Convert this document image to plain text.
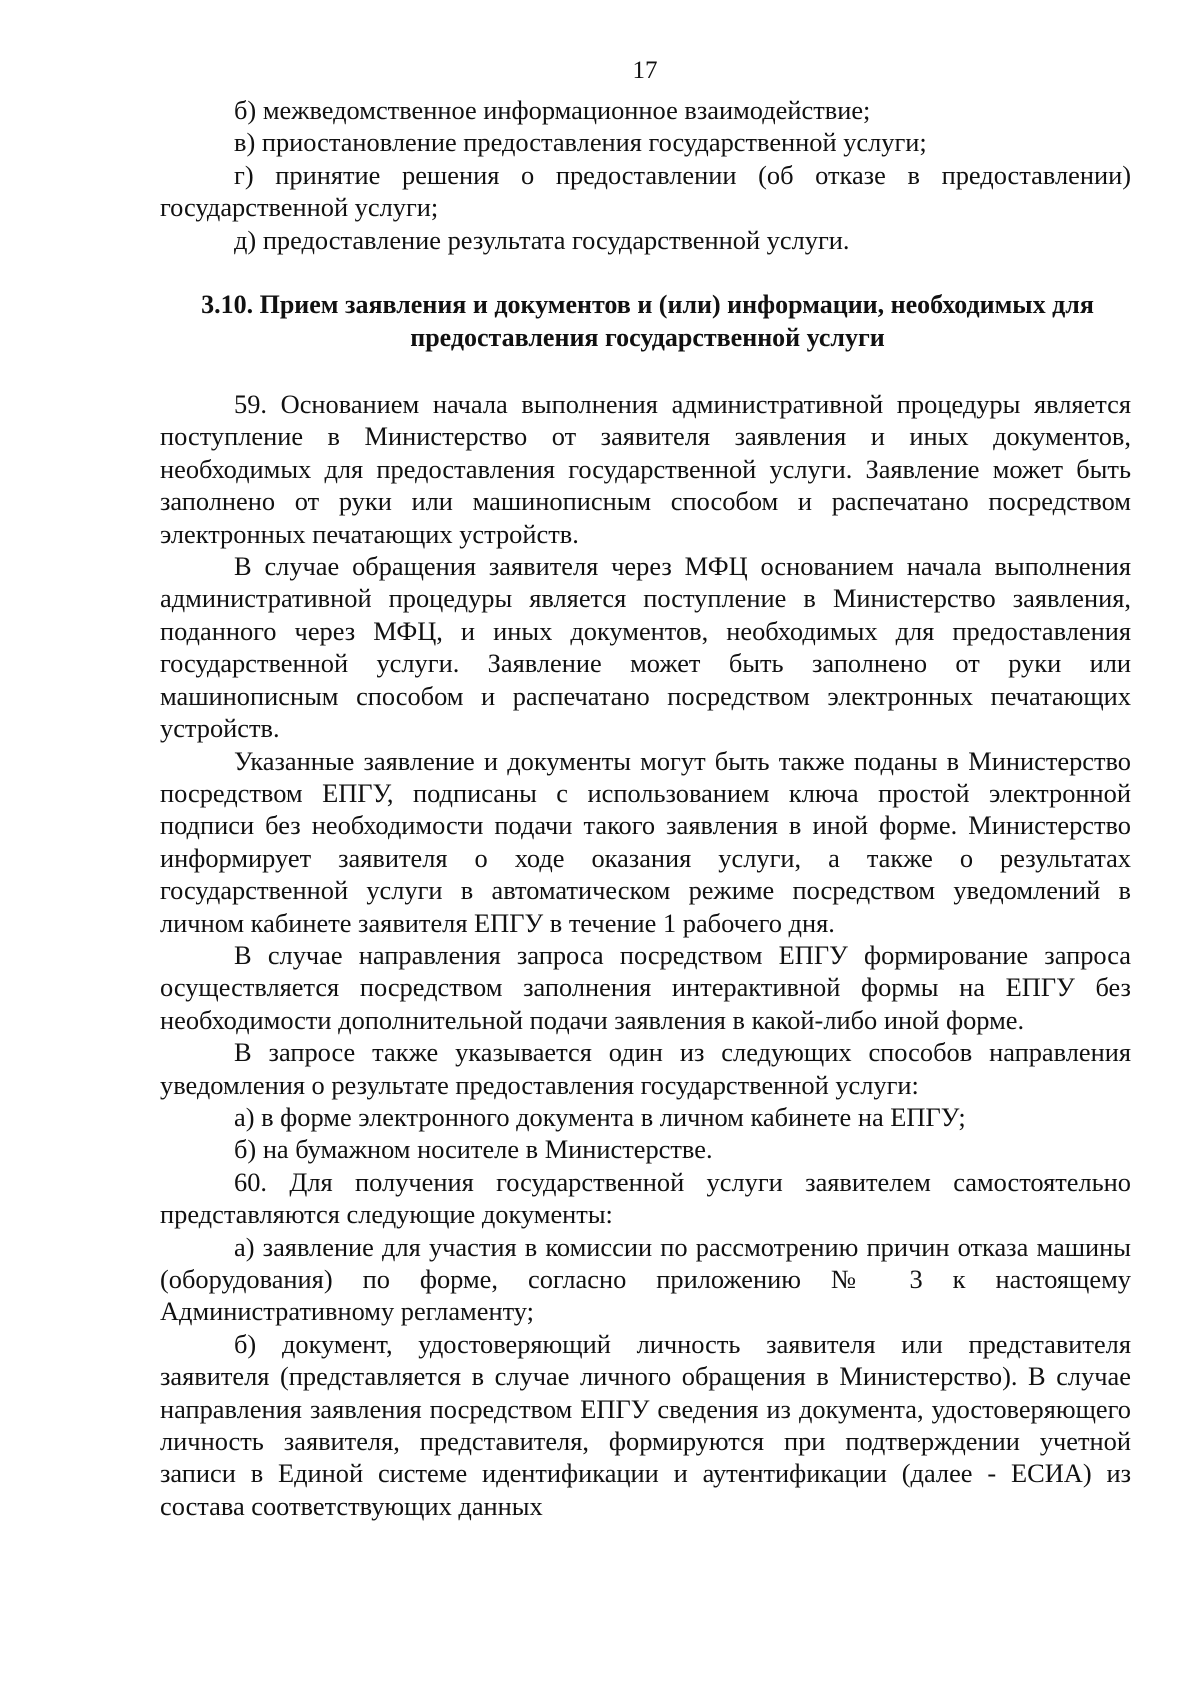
17

б) межведомственное информационное взаимодействие;

в) приостановление предоставления государственной услуги;

г) принятие решения о предоставлении (об отказе в предоставлении) государственной услуги;

д) предоставление результата государственной услуги.

3.10. Прием заявления и документов и (или) информации, необходимых для предоставления государственной услуги

59. Основанием начала выполнения административной процедуры является поступление в Министерство от заявителя заявления и иных документов, необходимых для предоставления государственной услуги. Заявление может быть заполнено от руки или машинописным способом и распечатано посредством электронных печатающих устройств.

В случае обращения заявителя через МФЦ основанием начала выполнения административной процедуры является поступление в Министерство заявления, поданного через МФЦ, и иных документов, необходимых для предоставления государственной услуги. Заявление может быть заполнено от руки или машинописным способом и распечатано посредством электронных печатающих устройств.

Указанные заявление и документы могут быть также поданы в Министерство посредством ЕПГУ, подписаны с использованием ключа простой электронной подписи без необходимости подачи такого заявления в иной форме. Министерство информирует заявителя о ходе оказания услуги, а также о результатах государственной услуги в автоматическом режиме посредством уведомлений в личном кабинете заявителя ЕПГУ в течение 1 рабочего дня.

В случае направления запроса посредством ЕПГУ формирование запроса осуществляется посредством заполнения интерактивной формы на ЕПГУ без необходимости дополнительной подачи заявления в какой-либо иной форме.

В запросе также указывается один из следующих способов направления уведомления о результате предоставления государственной услуги:

а) в форме электронного документа в личном кабинете на ЕПГУ;

б) на бумажном носителе в Министерстве.

60. Для получения государственной услуги заявителем самостоятельно представляются следующие документы:

а) заявление для участия в комиссии по рассмотрению причин отказа машины (оборудования) по форме, согласно приложению № 3 к настоящему Административному регламенту;

б) документ, удостоверяющий личность заявителя или представителя заявителя (представляется в случае личного обращения в Министерство). В случае направления заявления посредством ЕПГУ сведения из документа, удостоверяющего личность заявителя, представителя, формируются при подтверждении учетной записи в Единой системе идентификации и аутентификации (далее - ЕСИА) из состава соответствующих данных
